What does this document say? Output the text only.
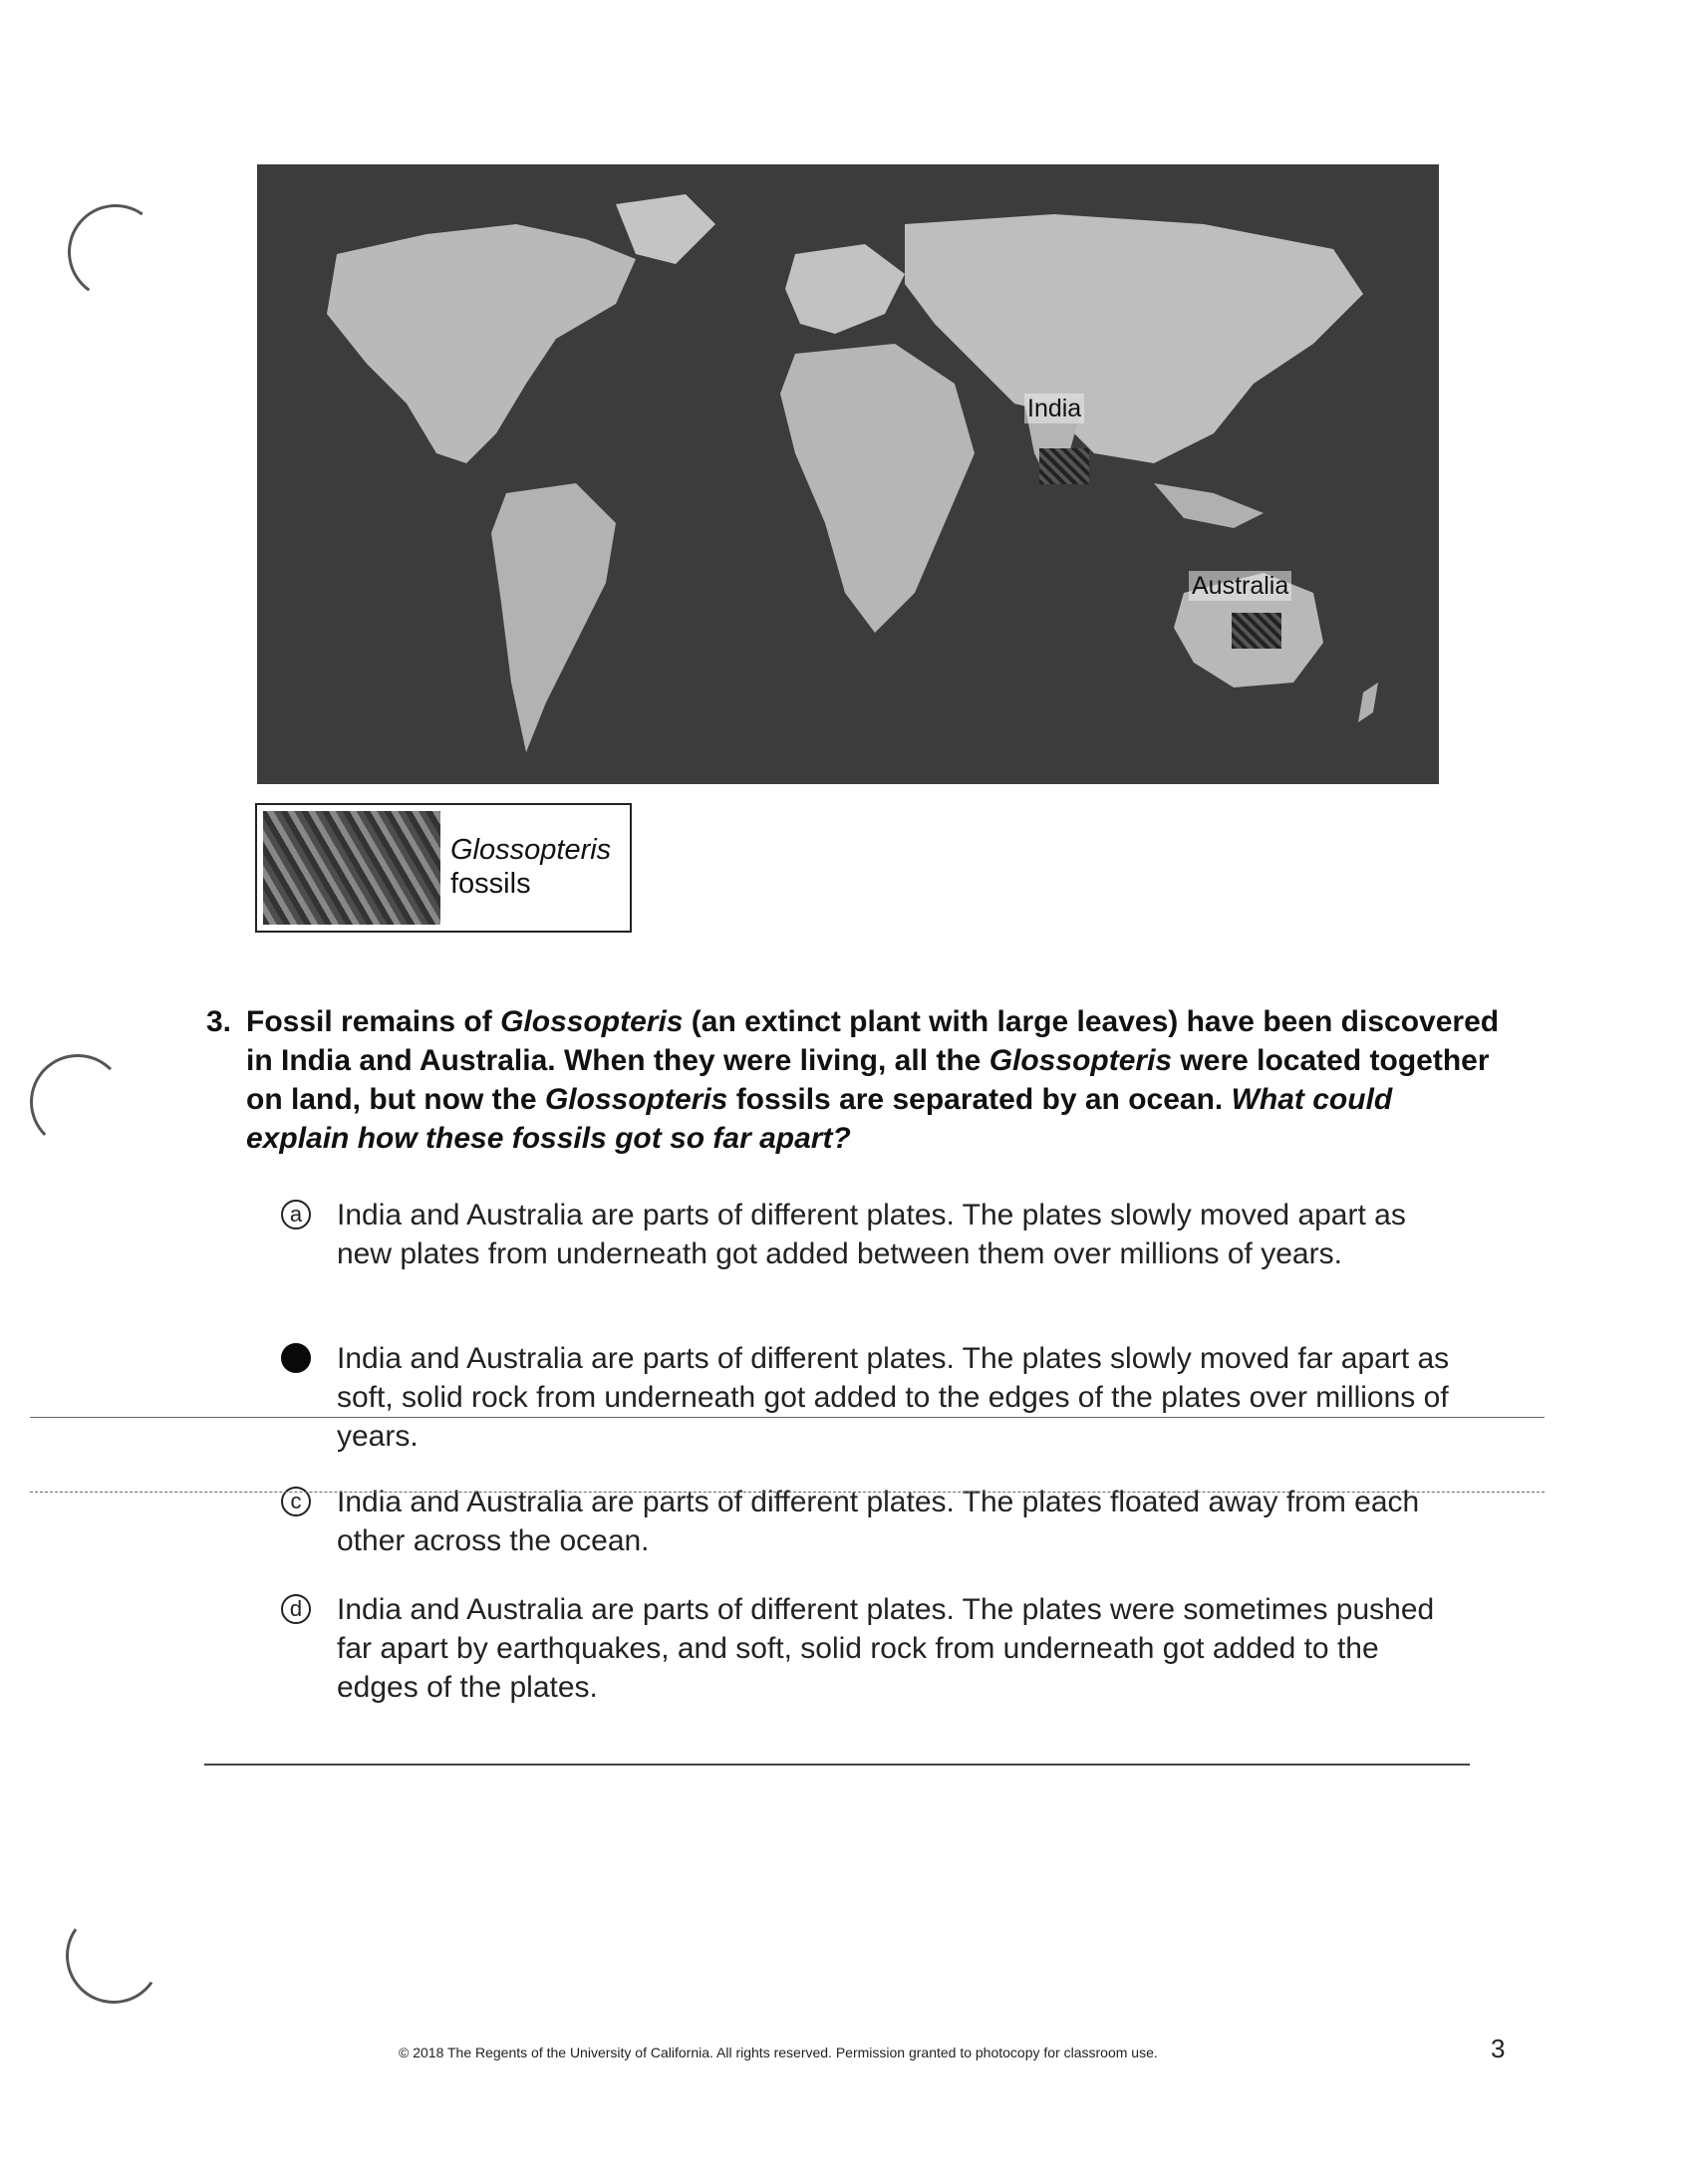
India
Australia
Glossopteris
fossils
3. Fossil remains of Glossopteris (an extinct plant with large leaves) have been discovered in India and Australia. When they were living, all the Glossopteris were located together on land, but now the Glossopteris fossils are separated by an ocean. What could explain how these fossils got so far apart?
a India and Australia are parts of different plates. The plates slowly moved apart as new plates from underneath got added between them over millions of years.
India and Australia are parts of different plates. The plates slowly moved far apart as soft, solid rock from underneath got added to the edges of the plates over millions of years.
c	India and Australia are parts of different plates. The plates floated away from each other across the ocean.
d India and Australia are parts of different plates. The plates were sometimes pushed far apart by earthquakes, and soft, solid rock from underneath got added to the edges of the plates.
© 2018 The Regents of the University of California. All rights reserved. Permission granted to photocopy for classroom use.	3
